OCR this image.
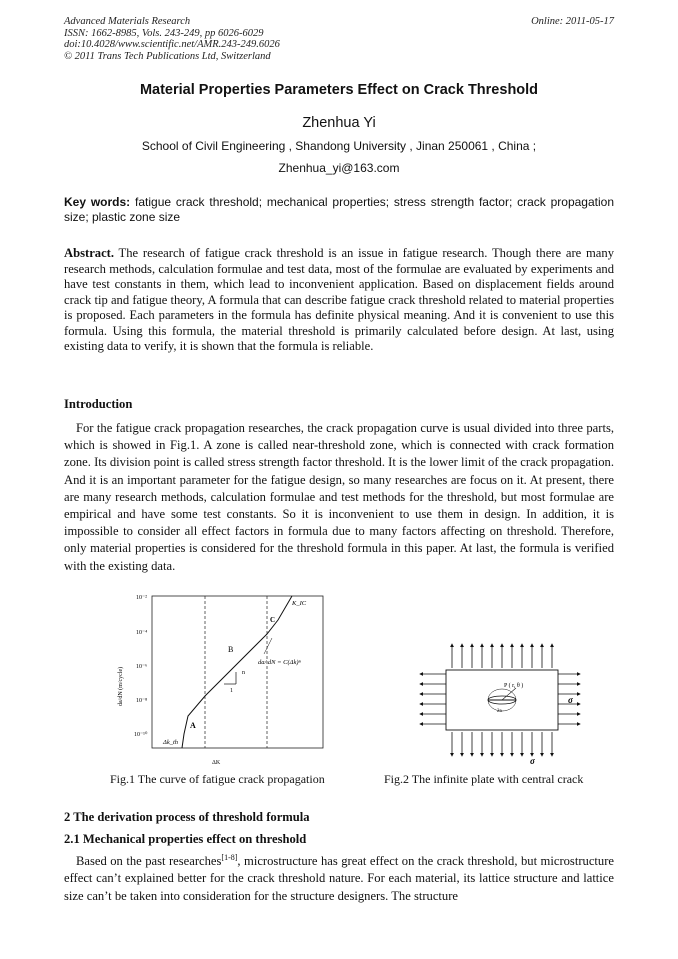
Advanced Materials Research
ISSN: 1662-8985, Vols. 243-249, pp 6026-6029
doi:10.4028/www.scientific.net/AMR.243-249.6026
© 2011 Trans Tech Publications Ltd, Switzerland
Online: 2011-05-17
Material Properties Parameters Effect on Crack Threshold
Zhenhua Yi
School of Civil Engineering , Shandong University , Jinan 250061 , China ;
Zhenhua_yi@163.com
Key words: fatigue crack threshold; mechanical properties; stress strength factor; crack propagation size; plastic zone size
Abstract. The research of fatigue crack threshold is an issue in fatigue research. Though there are many research methods, calculation formulae and test data, most of the formulae are evaluated by experiments and have test constants in them, which lead to inconvenient application. Based on displacement fields around crack tip and fatigue theory, A formula that can describe fatigue crack threshold related to material properties is proposed. Each parameters in the formula has definite physical meaning. And it is convenient to use this formula. Using this formula, the material threshold is primarily calculated before design. At last, using existing data to verify, it is shown that the formula is reliable.
Introduction
For the fatigue crack propagation researches, the crack propagation curve is usual divided into three parts, which is showed in Fig.1. A zone is called near-threshold zone, which is connected with crack formation zone. Its division point is called stress strength factor threshold. It is the lower limit of the crack propagation. And it is an important parameter for the fatigue design, so many researches are focus on it. At present, there are many research methods, calculation formulae and test methods for the threshold, but most formulae are empirical and have some test constants. So it is inconvenient to use them in design. In addition, it is impossible to consider all effect factors in formula due to many factors affecting on threshold. Therefore, only material properties is considered for the threshold formula in this paper. At last, the formula is verified with the existing data.
10⁻²
10⁻⁴
10⁻⁶
10⁻⁸
10⁻¹⁰
da/dN (m/cycle)
ΔK
n
1
da/ dN = C(Δk)ⁿ
K_IC
A
B
C
Δk_th
P ( r, θ )
2a
σ
σ
Fig.1 The curve of fatigue crack propagation	Fig.2 The infinite plate with central crack
2 The derivation process of threshold formula
2.1 Mechanical properties effect on threshold
Based on the past researches[1-8], microstructure has great effect on the crack threshold, but microstructure effect can’t explained better for the crack threshold nature. For each material, its lattice structure and lattice size can’t be taken into consideration for the structure designers. The structure
